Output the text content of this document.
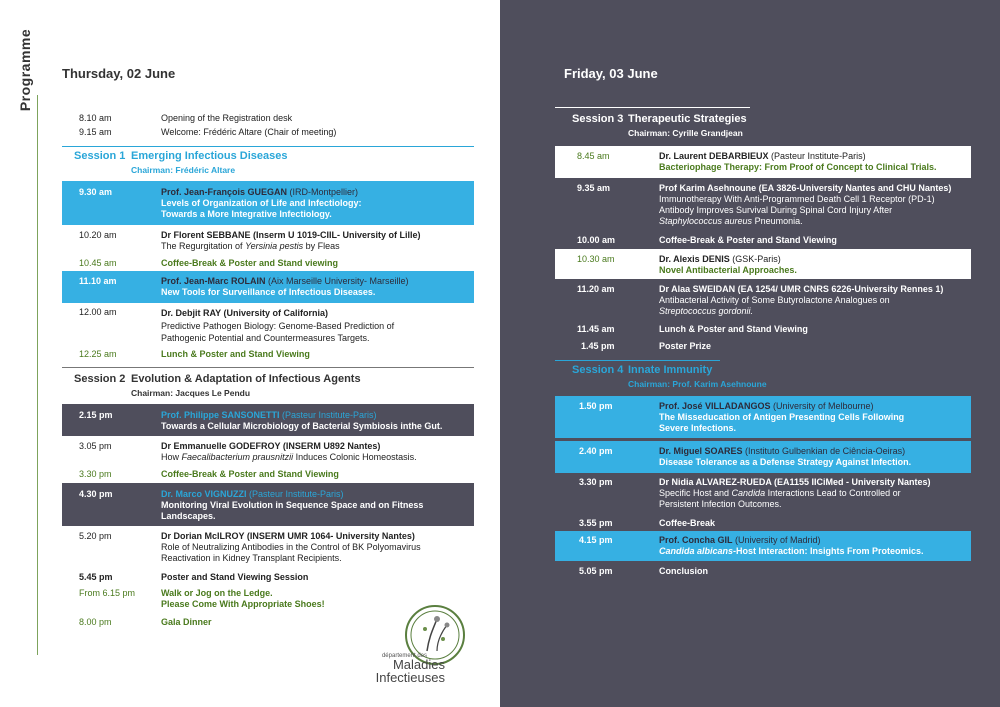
Programme	Thursday, 02 June
8.10 am	Opening of the Registration desk
9.15 am	Welcome: Frédéric Altare (Chair of meeting)
Session 1 Emerging Infectious Diseases
Chairman: Frédéric Altare
9.30 am	Prof. Jean-François GUEGAN (IRD-Montpellier)
Levels of Organization of Life and Infectiology:
Towards a More Integrative Infectiology.
10.20 am	Dr Florent SEBBANE (Inserm U 1019-CIIL- University of Lille)
The Regurgitation of Yersinia pestis by Fleas
10.45 am	Coffee-Break & Poster and Stand viewing
11.10 am	Prof. Jean-Marc ROLAIN (Aix Marseille University- Marseille)
New Tools for Surveillance of Infectious Diseases.
12.00 am	Dr. Debjit RAY (University of California)
Predictive Pathogen Biology: Genome-Based Prediction of
Pathogenic Potential and Countermeasures Targets.
12.25 am	Lunch & Poster and Stand Viewing
Session 2 Evolution & Adaptation of Infectious Agents
Chairman: Jacques Le Pendu
2.15 pm	Prof. Philippe SANSONETTI (Pasteur Institute-Paris)
Towards a Cellular Microbiology of Bacterial Symbiosis inthe Gut.
3.05 pm	Dr Emmanuelle GODEFROY (INSERM U892 Nantes)
How Faecalibacterium prausnitzii Induces Colonic Homeostasis.
3.30 pm	Coffee-Break & Poster and Stand Viewing
4.30 pm	Dr. Marco VIGNUZZI (Pasteur Institute-Paris)
Monitoring Viral Evolution in Sequence Space and on Fitness
Landscapes.
5.20 pm	Dr Dorian McILROY (INSERM UMR 1064- University Nantes)
Role of Neutralizing Antibodies in the Control of BK Polyomavirus
Reactivation in Kidney Transplant Recipients.
5.45 pm	Poster and Stand Viewing Session
From 6.15 pm	Walk or Jog on the Ledge.
Please Come With Appropriate Shoes!
8.00 pm	Gala Dinner
département des
Maladies
Infectieuses
Friday, 03 June
Session 3 Therapeutic Strategies
Chairman: Cyrille Grandjean
8.45 am	Dr. Laurent DEBARBIEUX (Pasteur Institute-Paris)
Bacteriophage Therapy: From Proof of Concept to Clinical Trials.
9.35 am	Prof Karim Asehnoune (EA 3826-University Nantes and CHU Nantes)
Immunotherapy With Anti-Programmed Death Cell 1 Receptor (PD-1)
Antibody Improves Survival During Spinal Cord Injury After
Staphylococcus aureus Pneumonia.
10.00 am	Coffee-Break & Poster and Stand Viewing
10.30 am	Dr. Alexis DENIS (GSK-Paris)
Novel Antibacterial Approaches.
11.20 am	Dr Alaa SWEIDAN (EA 1254/ UMR CNRS 6226-University Rennes 1)
Antibacterial Activity of Some Butyrolactone Analogues on
Streptococcus gordonii.
11.45 am	Lunch & Poster and Stand Viewing
1.45 pm	Poster Prize
Session 4 Innate Immunity
Chairman: Prof. Karim Asehnoune
1.50 pm	Prof. José VILLADANGOS (University of Melbourne)
The Misseducation of Antigen Presenting Cells Following
Severe Infections.
2.40 pm	Dr. Miguel SOARES (Instituto Gulbenkian de Ciência-Oeiras)
Disease Tolerance as a Defense Strategy Against Infection.
3.30 pm	Dr Nidia ALVAREZ-RUEDA (EA1155 IICiMed - University Nantes)
Specific Host and Candida Interactions Lead to Controlled or
Persistent Infection Outcomes.
3.55 pm	Coffee-Break
4.15 pm	Prof. Concha GIL (University of Madrid)
Candida albicans-Host Interaction: Insights From Proteomics.
5.05 pm	Conclusion
